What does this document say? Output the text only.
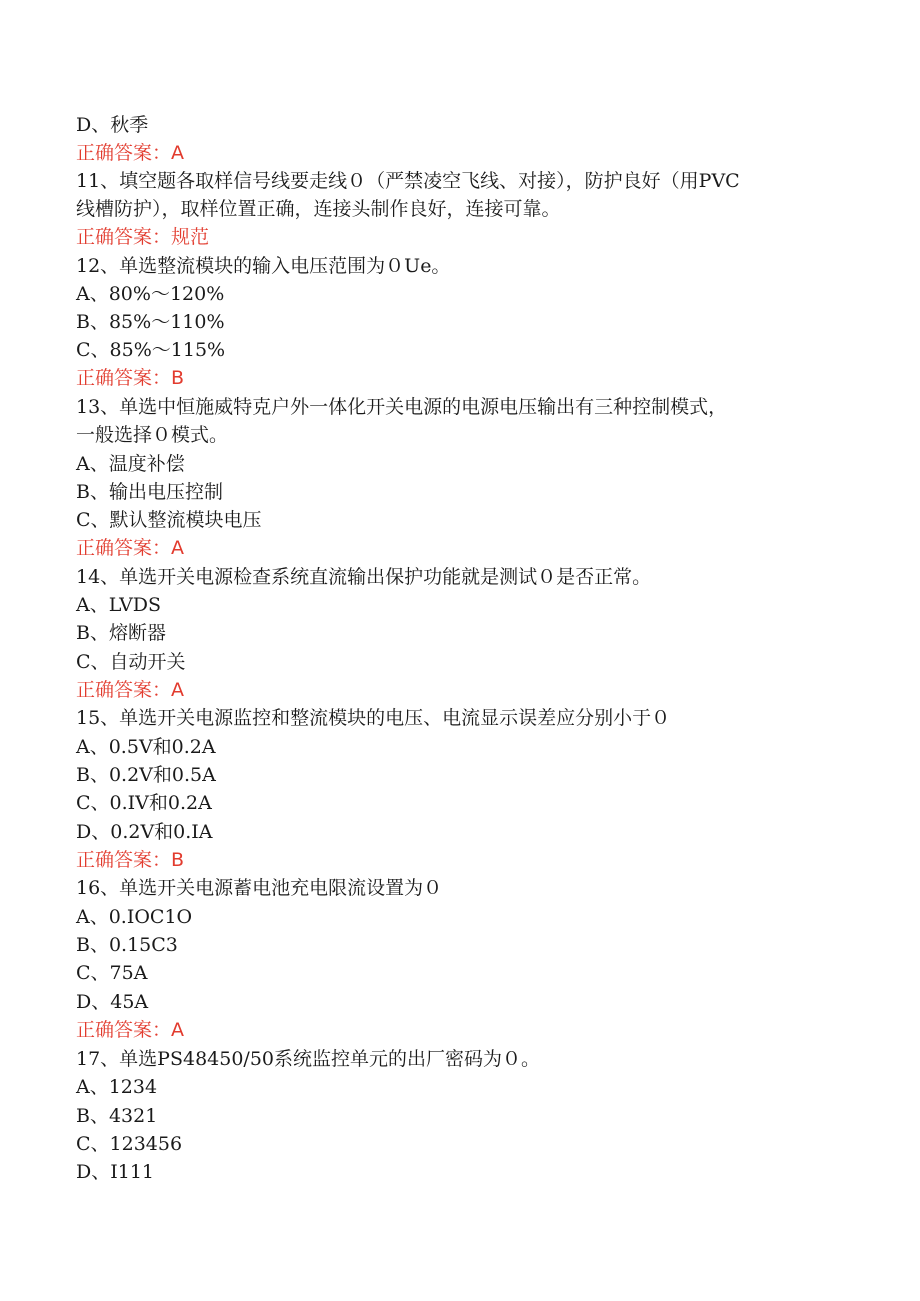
D、秋季
正确答案：A
11、填空题各取样信号线要走线０（严禁凌空飞线、对接），防护良好（用PVC
线槽防护），取样位置正确，连接头制作良好，连接可靠。
正确答案：规范
12、单选整流模块的输入电压范围为０Ue。
A、80%～120%
B、85%～110%
C、85%～115%
正确答案：B
13、单选中恒施威特克户外一体化开关电源的电源电压输出有三种控制模式，
一般选择０模式。
A、温度补偿
B、输出电压控制
C、默认整流模块电压
正确答案：A
14、单选开关电源检查系统直流输出保护功能就是测试０是否正常。
A、LVDS
B、熔断器
C、自动开关
正确答案：A
15、单选开关电源监控和整流模块的电压、电流显示误差应分别小于０
A、0.5V和0.2A
B、0.2V和0.5A
C、0.IV和0.2A
D、0.2V和0.IA
正确答案：B
16、单选开关电源蓄电池充电限流设置为０
A、0.IOC1O
B、0.15C3
C、75A
D、45A
正确答案：A
17、单选PS48450/50系统监控单元的出厂密码为０。
A、1234
B、4321
C、123456
D、I111
